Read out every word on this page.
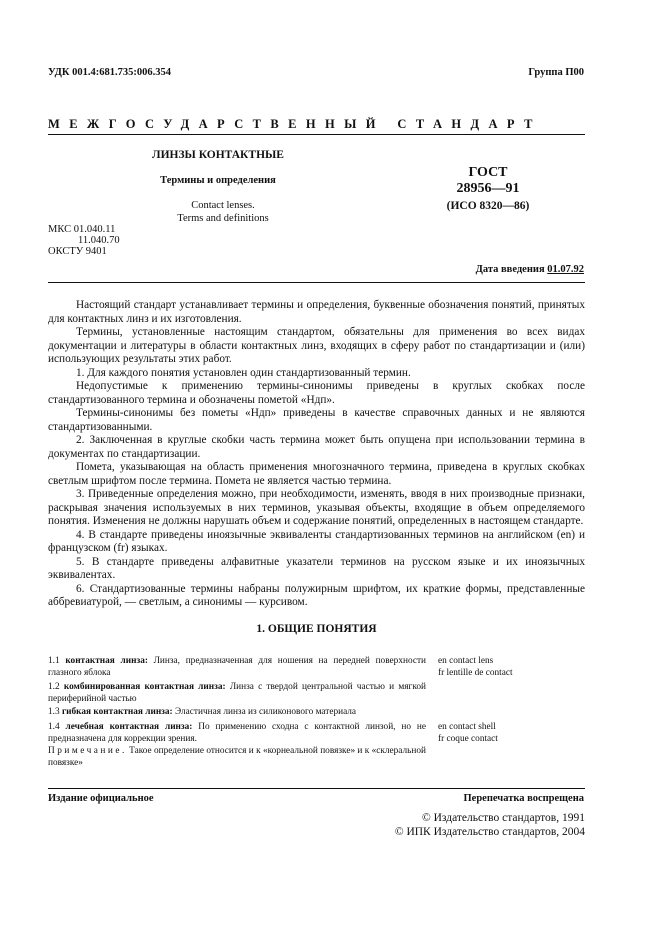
УДК 001.4:681.735:006.354	Группа П00
МЕЖГОСУДАРСТВЕННЫЙ СТАНДАРТ
ЛИНЗЫ КОНТАКТНЫЕ
Термины и определения
Contact lenses.
Terms and definitions
ГОСТ
28956—91
(ИСО 8320—86)
МКС 01.040.11
11.040.70
ОКСТУ 9401
Дата введения 01.07.92

Настоящий стандарт устанавливает термины и определения, буквенные обозначения понятий, принятых для контактных линз и их изготовления.

Термины, установленные настоящим стандартом, обязательны для применения во всех видах документации и литературы в области контактных линз, входящих в сферу работ по стандартизации и (или) использующих результаты этих работ.

1. Для каждого понятия установлен один стандартизованный термин.

Недопустимые к применению термины-синонимы приведены в круглых скобках после стандартизованного термина и обозначены пометой «Ндп».

Термины-синонимы без пометы «Ндп» приведены в качестве справочных данных и не являются стандартизованными.

2. Заключенная в круглые скобки часть термина может быть опущена при использовании термина в документах по стандартизации.

Помета, указывающая на область применения многозначного термина, приведена в круглых скобках светлым шрифтом после термина. Помета не является частью термина.

3. Приведенные определения можно, при необходимости, изменять, вводя в них производные признаки, раскрывая значения используемых в них терминов, указывая объекты, входящие в объем определяемого понятия. Изменения не должны нарушать объем и содержание понятий, определенных в настоящем стандарте.

4. В стандарте приведены иноязычные эквиваленты стандартизованных терминов на английском (en) и французском (fr) языках.

5. В стандарте приведены алфавитные указатели терминов на русском языке и их иноязычных эквивалентах.

6. Стандартизованные термины набраны полужирным шрифтом, их краткие формы, представленные аббревиатурой, — светлым, а синонимы — курсивом.

1. ОБЩИЕ ПОНЯТИЯ
1.1 контактная линза: Линза, предназначенная для ношения на передней поверхности глазного яблока
en contact lens
fr lentille de contact
1.2 комбинированная контактная линза: Линза с твердой центральной частью и мягкой периферийной частью
1.3 гибкая контактная линза: Эластичная линза из силиконового материала
1.4 лечебная контактная линза: По применению сходна с контактной линзой, но не предназначена для коррекции зрения.
en contact shell
fr coque contact
Примечание. Такое определение относится и к «корнеальной повязке» и к «склеральной повязке»
Издание официальное	Перепечатка воспрещена
© Издательство стандартов, 1991
© ИПК Издательство стандартов, 2004
